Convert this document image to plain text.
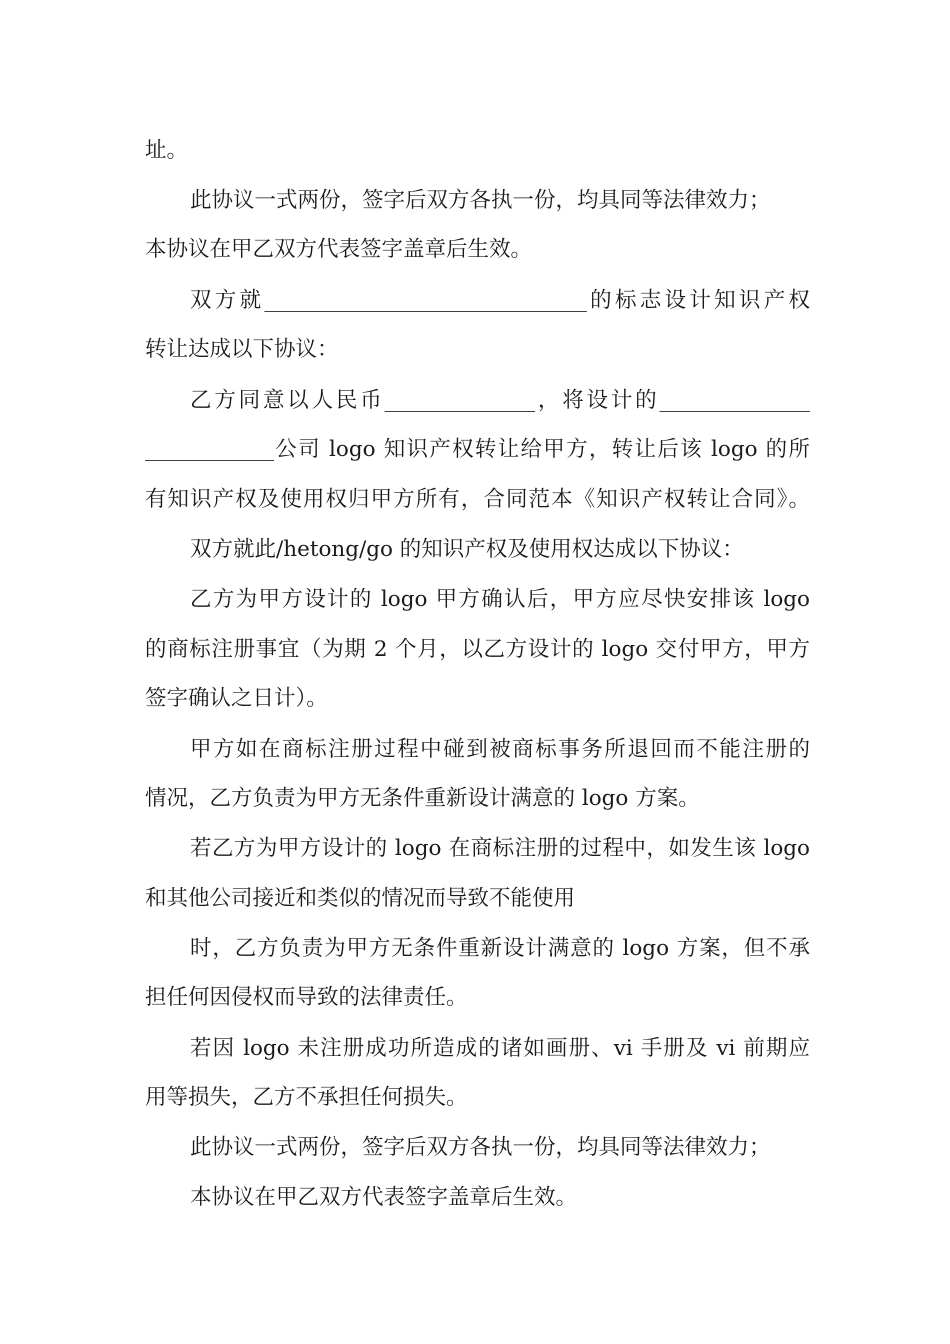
址。
此协议一式两份，签字后双方各执一份，均具同等法律效力；
本协议在甲乙双方代表签字盖章后生效。
双方就______________________________的标志设计知识产权
转让达成以下协议：
乙方同意以人民币______________，将设计的______________
____________公司 logo 知识产权转让给甲方，转让后该 logo 的所
有知识产权及使用权归甲方所有，合同范本《知识产权转让合同》。
双方就此/hetong/go 的知识产权及使用权达成以下协议：
乙方为甲方设计的 logo 甲方确认后，甲方应尽快安排该 logo
的商标注册事宜（为期 2 个月，以乙方设计的 logo 交付甲方，甲方
签字确认之日计）。
甲方如在商标注册过程中碰到被商标事务所退回而不能注册的
情况，乙方负责为甲方无条件重新设计满意的 logo 方案。
若乙方为甲方设计的 logo 在商标注册的过程中，如发生该 logo
和其他公司接近和类似的情况而导致不能使用
时，乙方负责为甲方无条件重新设计满意的 logo 方案，但不承
担任何因侵权而导致的法律责任。
若因 logo 未注册成功所造成的诸如画册、vi 手册及 vi 前期应
用等损失，乙方不承担任何损失。
此协议一式两份，签字后双方各执一份，均具同等法律效力；
本协议在甲乙双方代表签字盖章后生效。
